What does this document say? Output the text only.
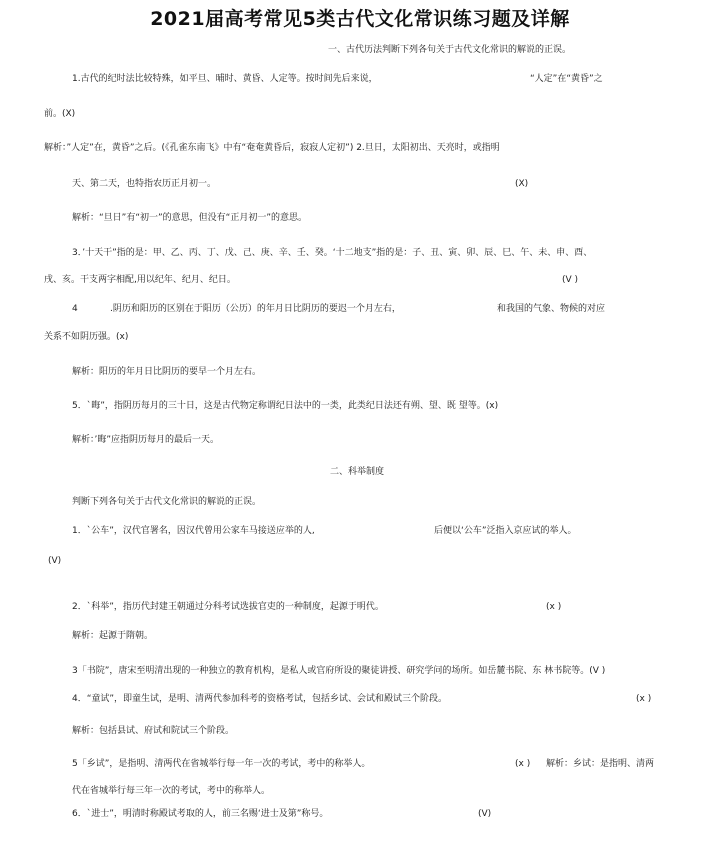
2021届高考常见5类古代文化常识练习题及详解
一、古代历法判断下列各句关于古代文化常识的解说的正误。
1.古代的纪时法比较特殊，如平旦、晡时、黄昏、人定等。按时间先后来说，	“人定”在“黄昏”之
前。(X)
解析：”人定”在，黄昏”之后。(《孔雀东南飞》中有“奄奄黄昏后，寂寂人定初”) 2.旦日，太阳初出、天亮时，或指明
天、第二天，也特指农历正月初一。	(X)
解析：“旦日”有“初一”的意思，但没有“正月初一”的意思。
3．’十天干”指的是：甲、乙、丙、丁、戊、己、庚、辛、壬、癸。‘十二地支”指的是：子、丑、寅、卯、辰、巳、午、未、申、酉、
戌、亥。干支两字相配,用以纪年、纪月、纪日。	(V )
4	.阴历和阳历的区别在于阳历（公历）的年月日比阴历的要迟一个月左右，	和我国的气象、物候的对应
关系不如阴历强。(x)
解析：阳历的年月日比阴历的要早一个月左右。
5．`晦”，指阴历每月的三十日，这是古代物定称谓纪日法中的一类，此类纪日法还有朔、望、既 望等。(x)
解析：’晦”应指阴历每月的最后一天。
二、科举制度
判断下列各句关于古代文化常识的解说的正误。
1．`公车”，汉代官署名，因汉代曾用公家车马接送应举的人,	后便以‘公车”泛指入京应试的举人。
(V)
2．`科举”，指历代封建王朝通过分科考试选拔官吏的一种制度，起源于明代。	(x )
解析：起源于隋朝。
3「书院”，唐宋至明清出现的一种独立的教育机构，是私人或官府所设的聚徒讲授、研究学问的场所。如岳麓书院、东 林书院等。(V )
4．“童试”，即童生试，是明、清两代参加科考的资格考试，包括乡试、会试和殿试三个阶段。	(x )
解析：包括县试、府试和院试三个阶段。
5「乡试”，是指明、清两代在省城举行每一年一次的考试，考中的称举人。	(x ) 解析：乡试：是指明、清两
代在省城举行每三年一次的考试，考中的称举人。
6．`进士”，明清时称殿试考取的人，前三名赐‘进士及第”称号。	(V)
